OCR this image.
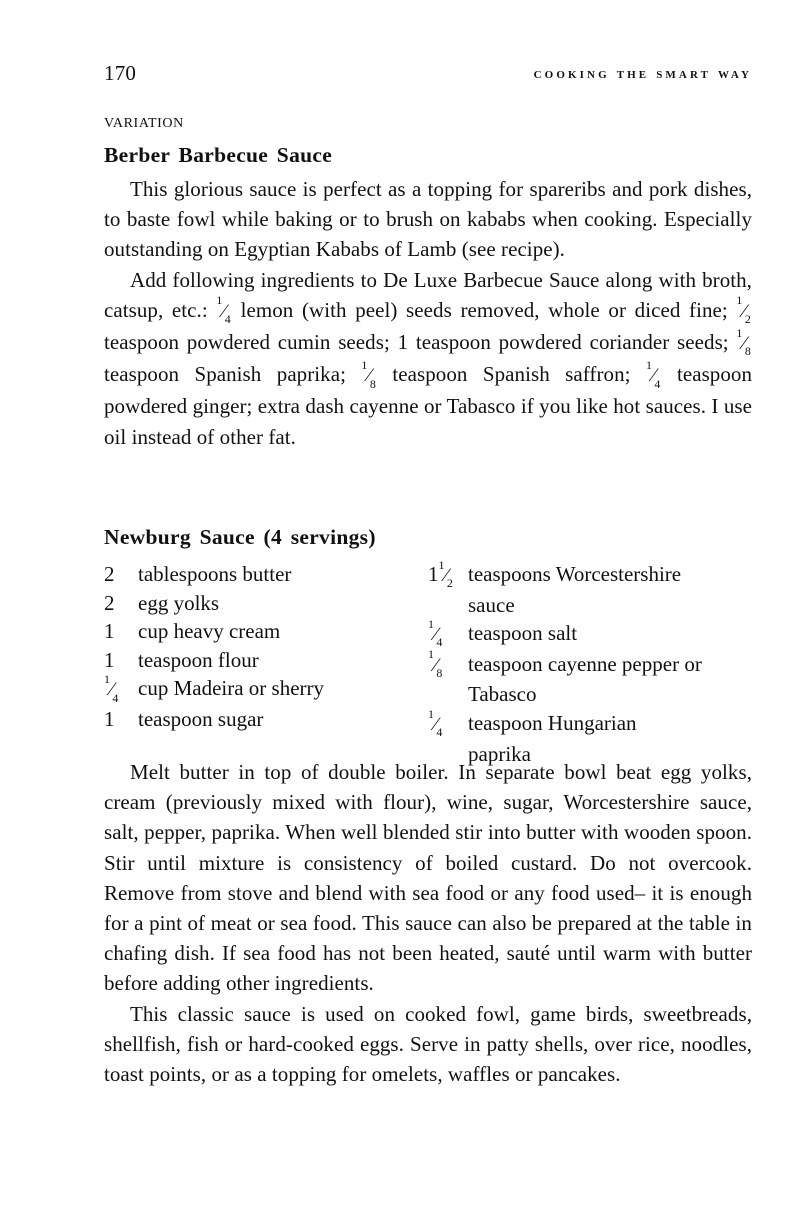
170	cooking the smart way
variation
Berber Barbecue Sauce

This glorious sauce is perfect as a topping for spareribs and pork dishes, to baste fowl while baking or to brush on kababs when cooking. Especially outstanding on Egyptian Kababs of Lamb (see recipe).

Add following ingredients to De Luxe Barbecue Sauce along with broth, catsup, etc.: $^1⁄_4$ lemon (with peel) seeds removed, whole or diced fine; $^1⁄_2$ teaspoon powdered cumin seeds; 1 teaspoon powdered coriander seeds; $^1⁄_8$ teaspoon Spanish paprika; $^1⁄_8$ teaspoon Spanish saffron; $^1⁄_4$ teaspoon powdered ginger; extra dash cayenne or Tabasco if you like hot sauces. I use oil instead of other fat.

Newburg Sauce (4 servings)
2	tablespoons butter
2	egg yolks
1	cup heavy cream
1	teaspoon flour
$^1⁄_4$ cup Madeira or sherry
1	teaspoon sugar
$1^1⁄_2$ teaspoons Worcestershire
sauce
$^1⁄_4$	teaspoon salt
$^1⁄_8$	teaspoon cayenne pepper or
Tabasco
$^1⁄_4$	teaspoon Hungarian
paprika

Melt butter in top of double boiler. In separate bowl beat egg yolks, cream (previously mixed with flour), wine, sugar, Worcestershire sauce, salt, pepper, paprika. When well blended stir into butter with wooden spoon. Stir until mixture is consistency of boiled custard. Do not overcook. Remove from stove and blend with sea food or any food used– it is enough for a pint of meat or sea food. This sauce can also be prepared at the table in chafing dish. If sea food has not been heated, sauté until warm with butter before adding other ingredients.

This classic sauce is used on cooked fowl, game birds, sweetbreads, shellfish, fish or hard-cooked eggs. Serve in patty shells, over rice, noodles, toast points, or as a topping for omelets, waffles or pancakes.
